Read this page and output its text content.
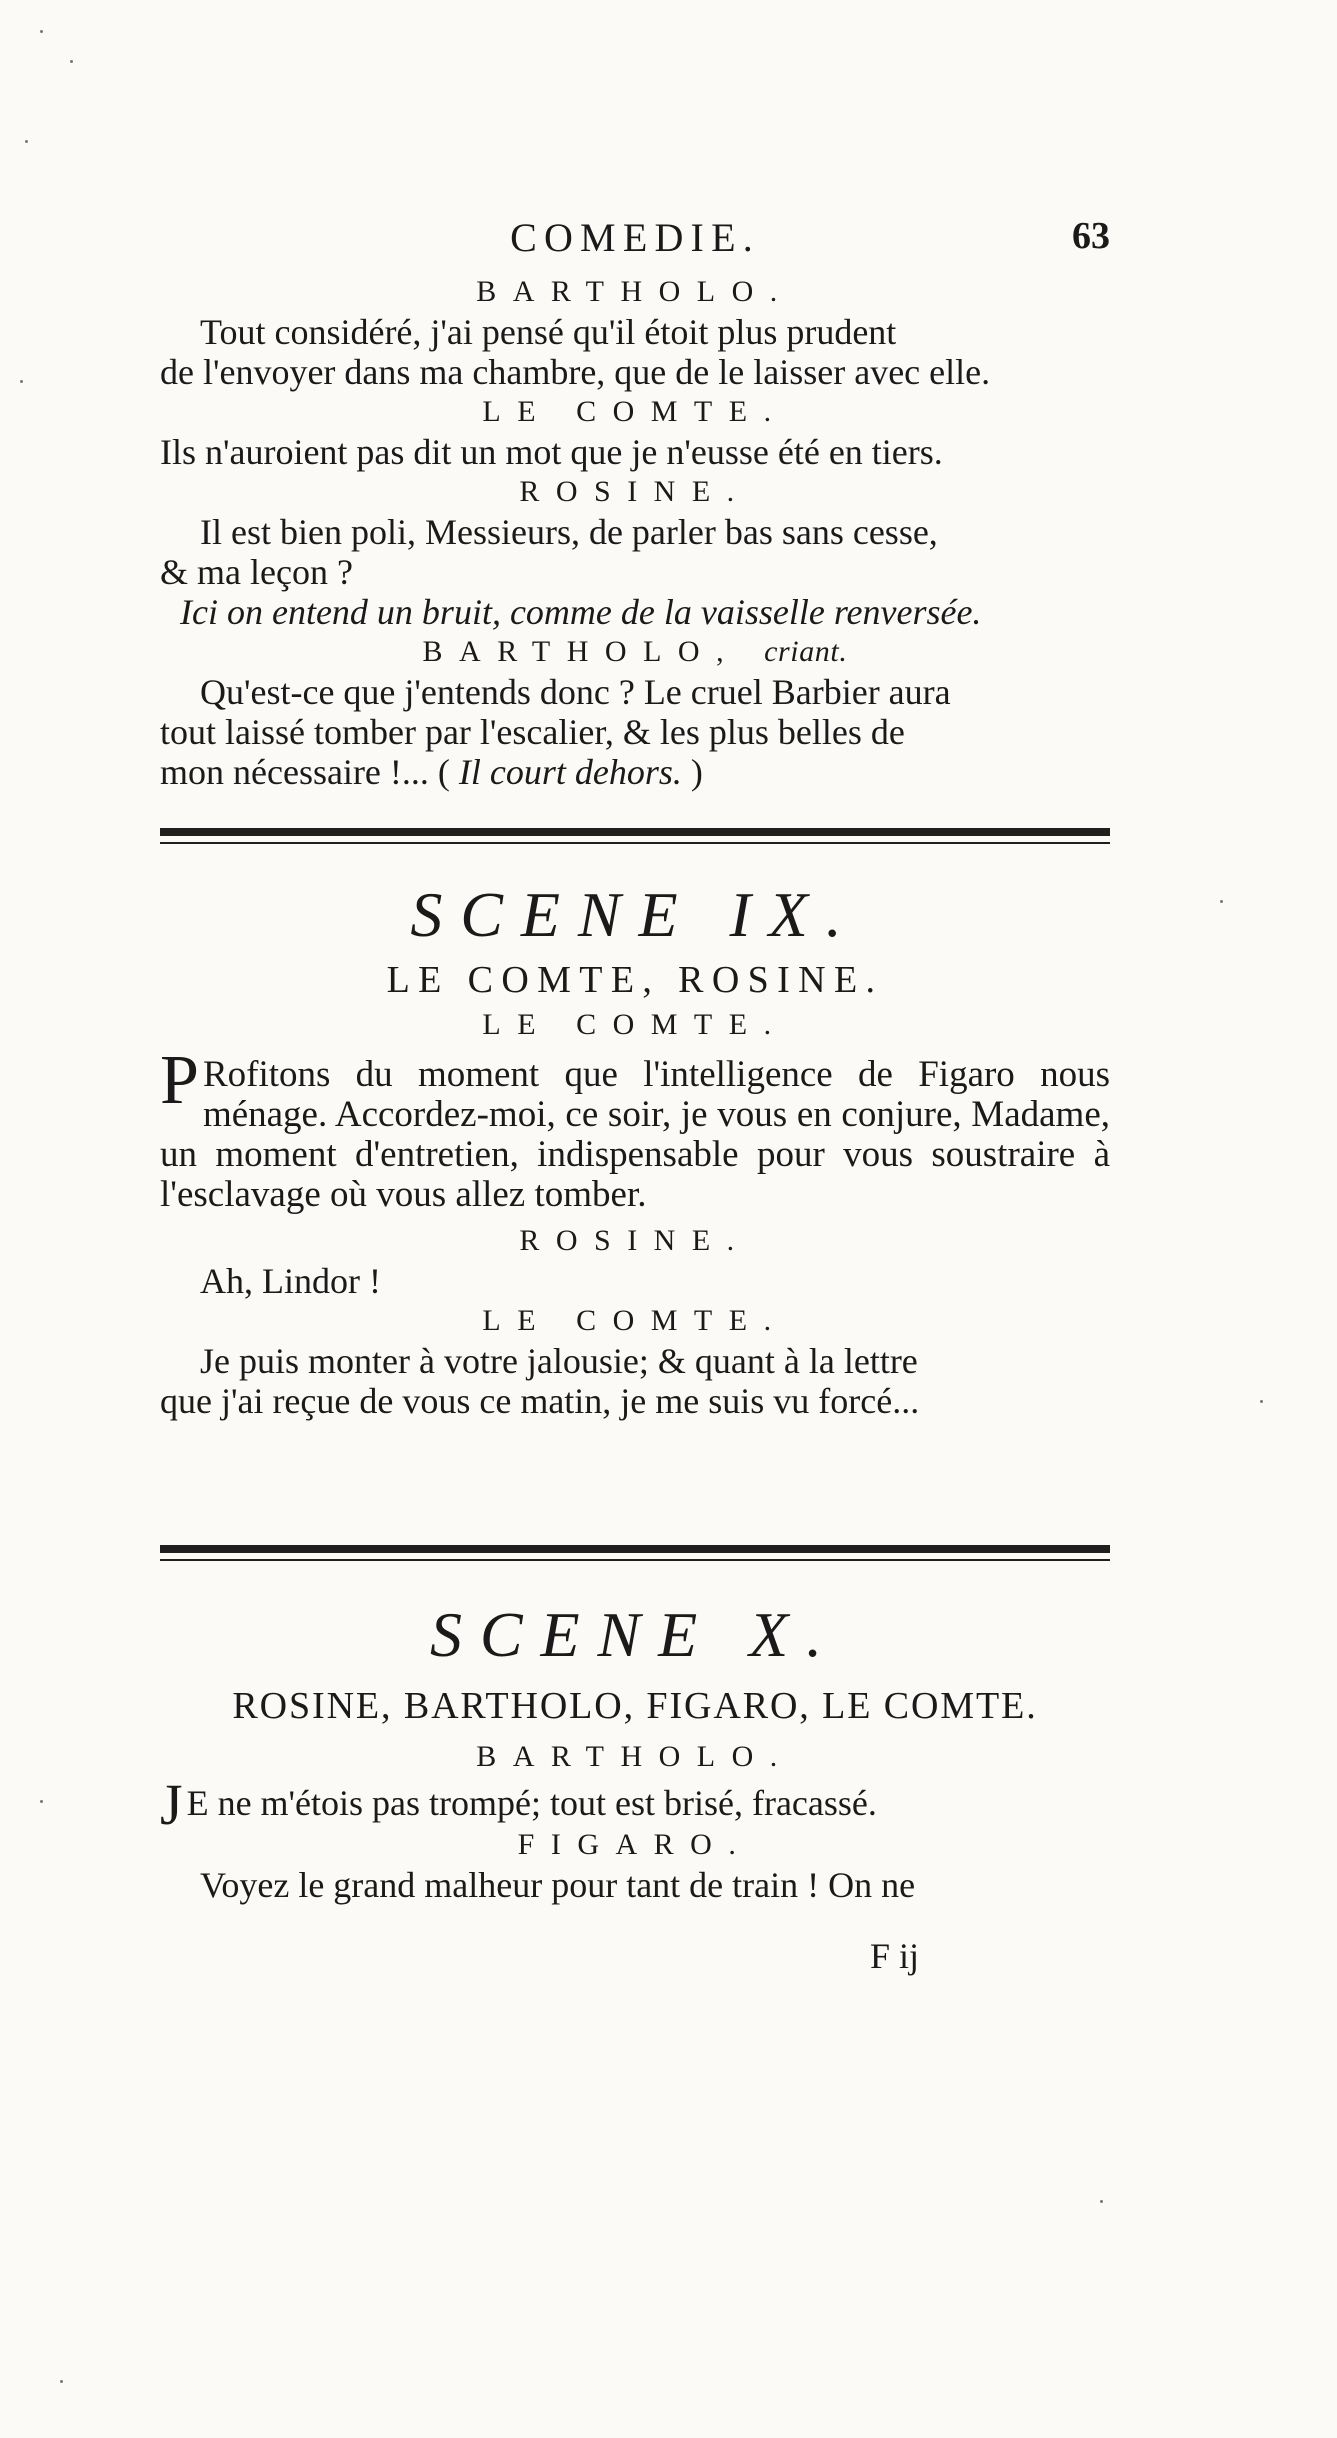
COMEDIE.	63
BARTHOLO.
Tout considéré, j'ai pensé qu'il étoit plus prudent
de l'envoyer dans ma chambre, que de le laisser avec elle.
LE COMTE.
Ils n'auroient pas dit un mot que je n'eusse été en tiers.
ROSINE.
Il est bien poli, Messieurs, de parler bas sans cesse,
& ma leçon ?
Ici on entend un bruit, comme de la vaisselle renversée.
BARTHOLO, criant.
Qu'est-ce que j'entends donc ? Le cruel Barbier aura
tout laissé tomber par l'escalier, & les plus belles de
mon nécessaire !... ( Il court dehors. )
SCENE IX.
LE COMTE, ROSINE.
LE COMTE.
P Rofitons du moment que l'intelligence de Figaro nous ménage. Accordez-moi, ce soir, je vous en conjure, Madame, un moment d'entretien, indispensable pour vous soustraire à l'esclavage où vous allez tomber.
ROSINE.
Ah, Lindor !
LE COMTE.
Je puis monter à votre jalousie; & quant à la lettre
que j'ai reçue de vous ce matin, je me suis vu forcé...
SCENE X.
ROSINE, BARTHOLO, FIGARO, LE COMTE.
BARTHOLO.
J E ne m'étois pas trompé; tout est brisé, fracassé.
FIGARO.
Voyez le grand malheur pour tant de train ! On ne
F ij
